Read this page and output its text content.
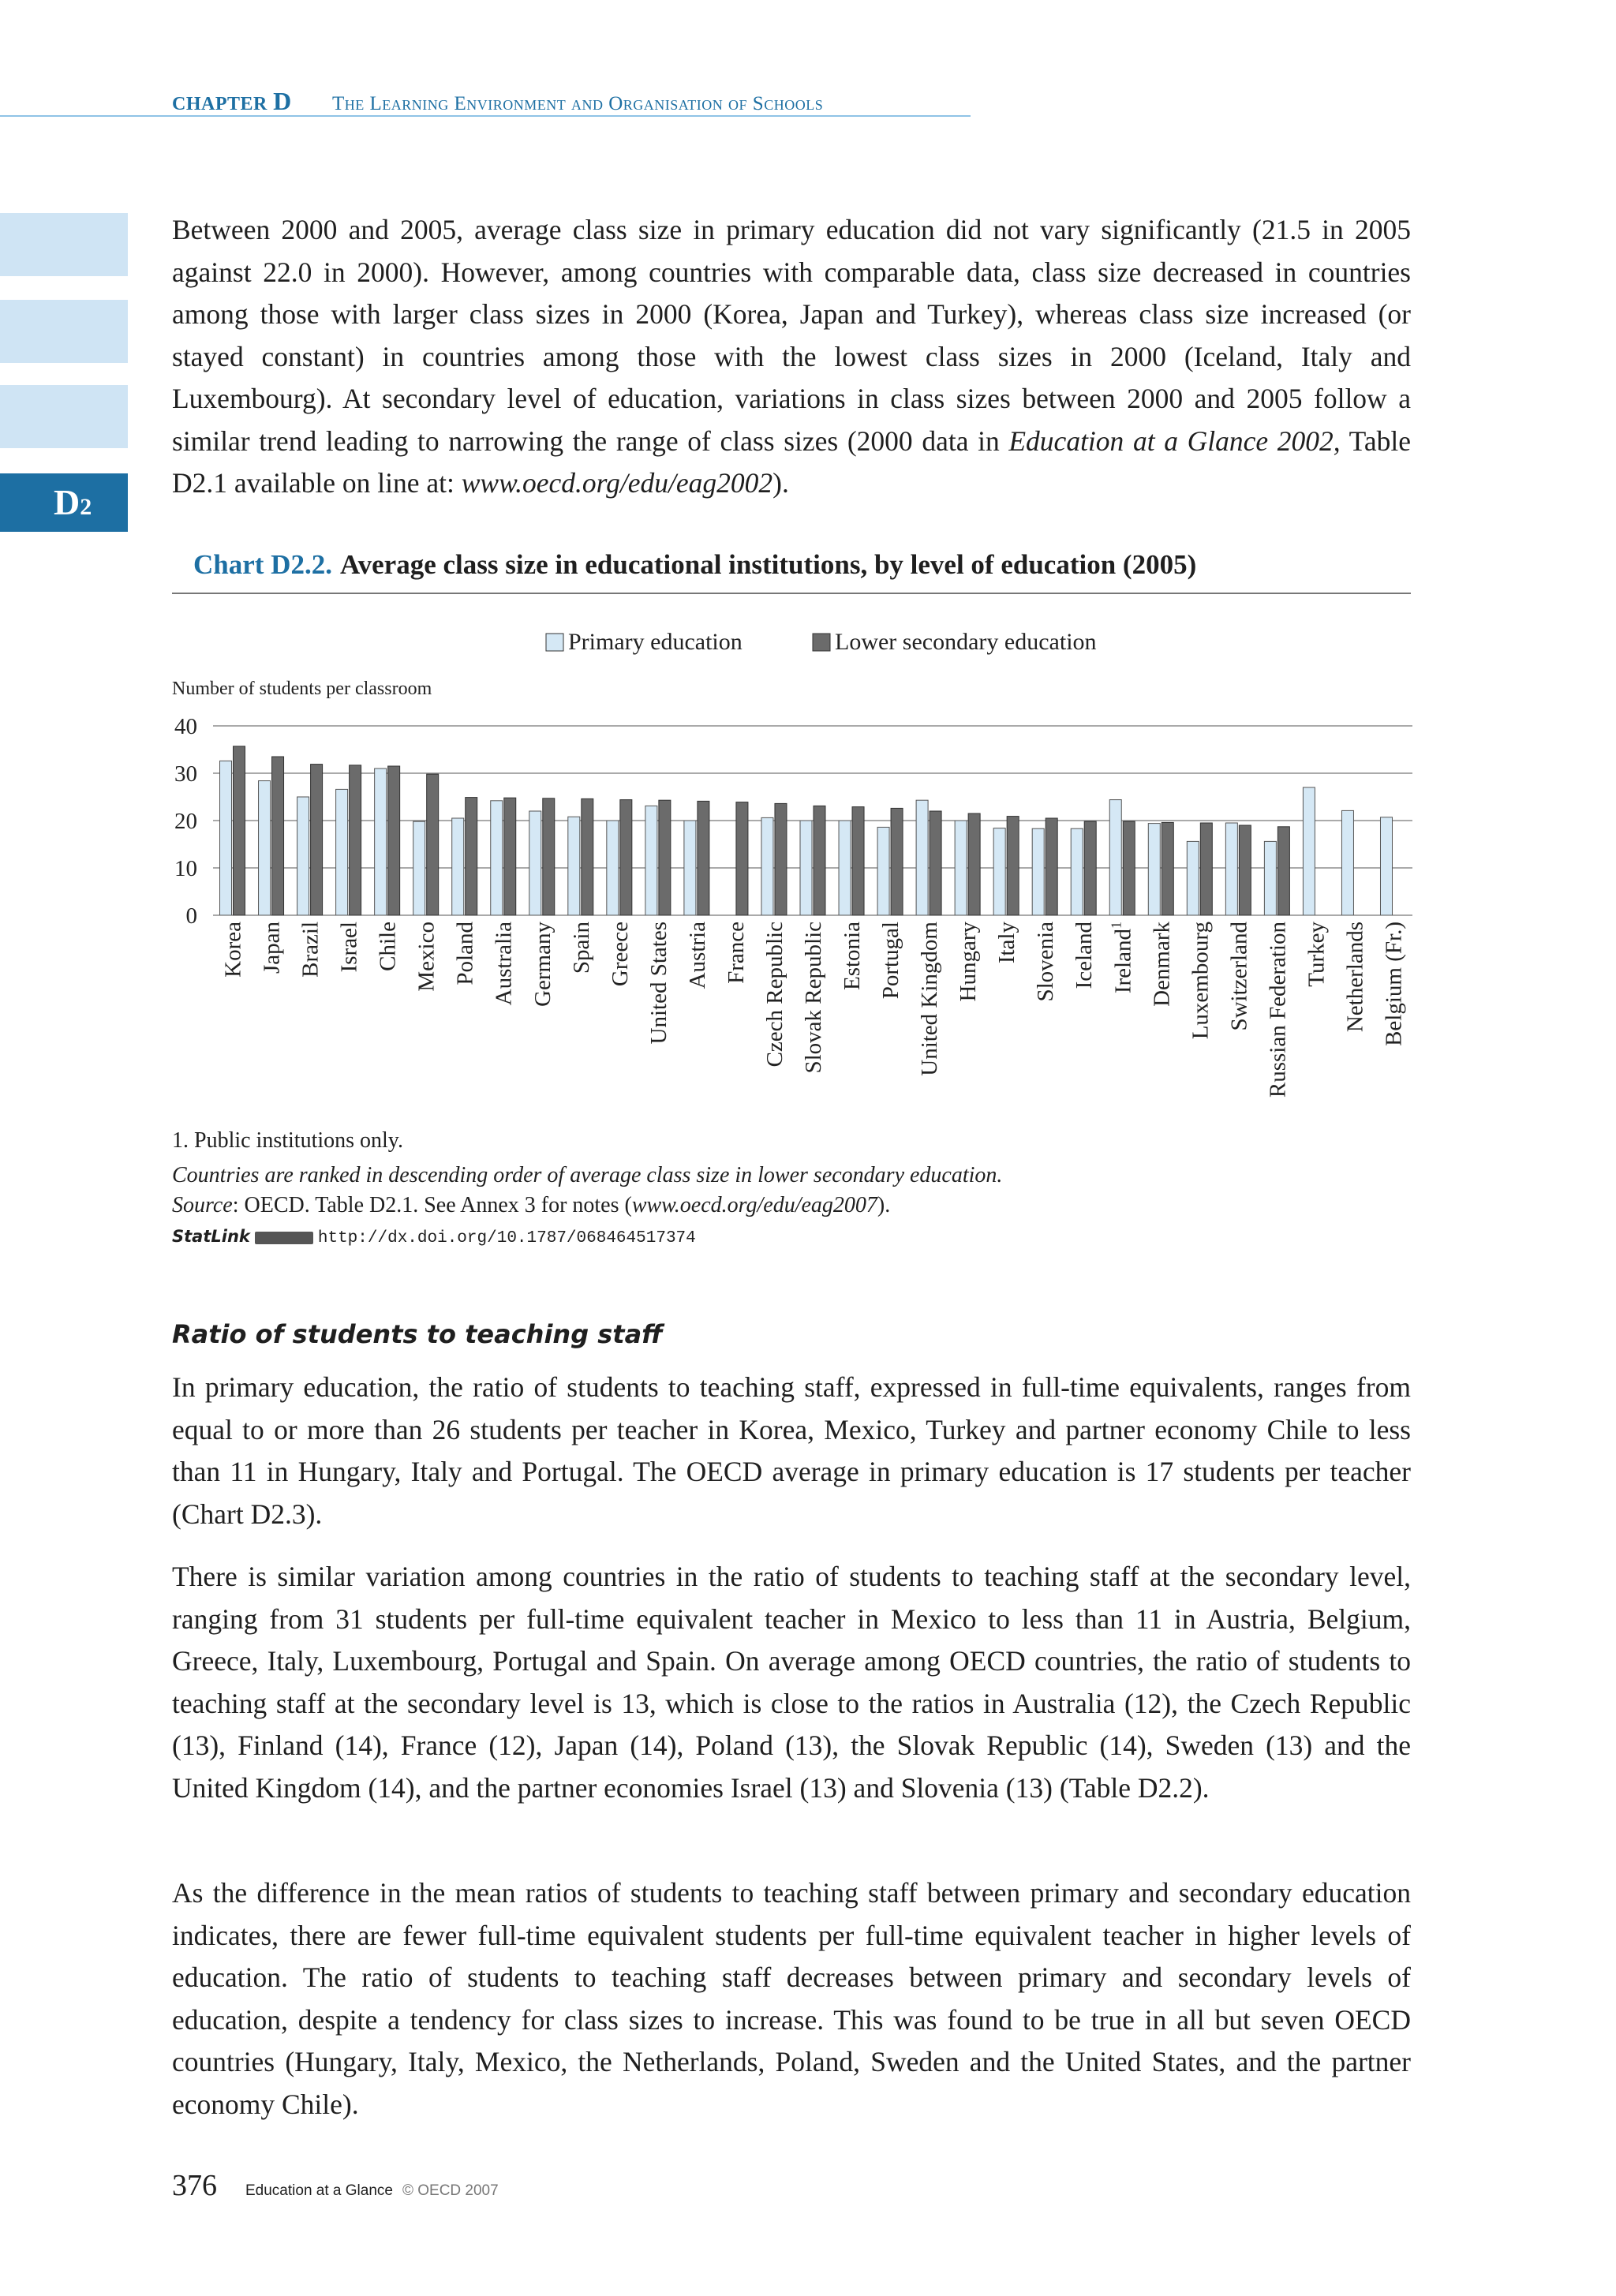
CHAPTER D The Learning Environment and Organisation of Schools
D2

Between 2000 and 2005, average class size in primary education did not vary significantly (21.5 in 2005 against 22.0 in 2000). However, among countries with comparable data, class size decreased in countries among those with larger class sizes in 2000 (Korea, Japan and Turkey), whereas class size increased (or stayed constant) in countries among those with the lowest class sizes in 2000 (Iceland, Italy and Luxembourg). At secondary level of education, variations in class sizes between 2000 and 2005 follow a similar trend leading to narrowing the range of class sizes (2000 data in Education at a Glance 2002, Table D2.1 available on line at: www.oecd.org/edu/eag2002).

Chart D2.2. Average class size in educational institutions, by level of education (2005)
Primary education	Lower secondary education
Number of students per classroom
0
10
20
30
40
Korea Japan Brazil Israel Chile Mexico Poland Australia Germany Spain Greece United States Austria France Czech Republic Slovak Republic Estonia Portugal United Kingdom Hungary Italy Slovenia Iceland Ireland$^1$	Denmark Luxembourg Switzerland Russian Federation Turkey Netherlands Belgium (Fr.)
1. Public institutions only.
Countries are ranked in descending order of average class size in lower secondary education.
Source: OECD. Table D2.1. See Annex 3 for notes (www.oecd.org/edu/eag2007).
StatLink	http://dx.doi.org/10.1787/068464517374
Ratio of students to teaching staff

In primary education, the ratio of students to teaching staff, expressed in full-time equivalents, ranges from equal to or more than 26 students per teacher in Korea, Mexico, Turkey and partner economy Chile to less than 11 in Hungary, Italy and Portugal. The OECD average in primary education is 17 students per teacher (Chart D2.3).

There is similar variation among countries in the ratio of students to teaching staff at the secondary level, ranging from 31 students per full-time equivalent teacher in Mexico to less than 11 in Austria, Belgium, Greece, Italy, Luxembourg, Portugal and Spain. On average among OECD countries, the ratio of students to teaching staff at the secondary level is 13, which is close to the ratios in Australia (12), the Czech Republic (13), Finland (14), France (12), Japan (14), Poland (13), the Slovak Republic (14), Sweden (13) and the United Kingdom (14), and the partner economies Israel (13) and Slovenia (13) (Table D2.2).

As the difference in the mean ratios of students to teaching staff between primary and secondary education indicates, there are fewer full-time equivalent students per full-time equivalent teacher in higher levels of education. The ratio of students to teaching staff decreases between primary and secondary levels of education, despite a tendency for class sizes to increase. This was found to be true in all but seven OECD countries (Hungary, Italy, Mexico, the Netherlands, Poland, Sweden and the United States, and the partner economy Chile).

376 Education at a Glance © OECD 2007
